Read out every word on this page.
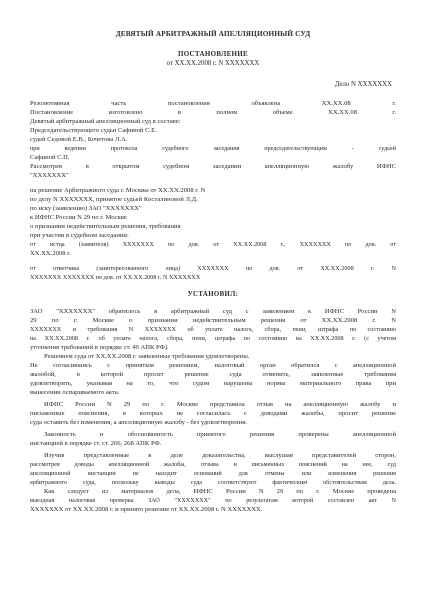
ДЕВЯТЫЙ АРБИТРАЖНЫЙ АПЕЛЛЯЦИОННЫЙ СУД
ПОСТАНОВЛЕНИЕ
от ХХ.ХХ.2008 г. N ХХХХХХХ
Дело N ХХХХХХХ
Резолютивная часть постановления объявлена ХХ.ХХ.08 г.
Постановление изготовлено в полном объеме ХХ.ХХ.08 г.
Девятый арбитражный апелляционный суд в составе:
Председательствующего судьи Сафиной С.Е.
судей Седовой Е.В., Кочетова Л.А.
при ведении протокола судебного заседания председательствующим - судьей
Сафиной С.П.
Рассмотрев в открытом судебном заседании апелляционную жалобу ИФНС
"ХХХХХХХ"
на решение Арбитражного суда г. Москвы от ХХ.ХХ.2008 г. N
по делу N ХХХХХХХ, принятое судьей Косталиновой Л.Д.
по иску (заявлению) ЗАО "ХХХХХХХ"
к ИФНС России N 29 по г. Москве
о признании недействительным решения, требования
при участии в судебном заседании:
от истца (заявителя) ХХХХХХХ по дов. от ХХ.ХХ.2008 г., ХХХХХХХ по дов. от
ХХ.ХХ.2008 г.
от ответчика (заинтересованного лица) ХХХХХХХ по дов. от ХХ.ХХ.2008 г. N
ХХХХХХХ ХХХХХХХ по дов. от ХХ.ХХ.2008 г. N ХХХХХХХ
УСТАНОВИЛ:
ЗАО "ХХХХХХХ" обратилось в арбитражный суд с заявлением к ИФНС России N
29 по г. Москве о признании недействительным решения от ХХ.ХХ.2008 г. N
ХХХХХХХ и требования N ХХХХХХХ об уплате налога, сбора, пени, штрафа по состоянию
на ХХ.ХХ.2008 г. об уплате налога, сбора, пени, штрафа по состоянию на ХХ.ХХ.2008 г. (с учетом
уточнения требований в порядке ст. 49 АПК РФ).
Решением суда от ХХ.ХХ.2008 г. заявленные требования удовлетворены.
Не согласившись с принятым решением, налоговый орган обратился с апелляционной
жалобой, в которой просит решение суда отменить, заявленные требования
удовлетворить, указывая на то, что судом нарушены нормы материального права при
вынесении оспариваемого акта.
ИФНС России N 29 по г. Москве представила отзыв на апелляционную жалобу и
письменные пояснения, в которых не согласилась с доводами жалобы, просит решение
суда оставить без изменения, а апелляционную жалобу - без удовлетворения.
Законность и обоснованность принятого решения проверены апелляционной
инстанцией в порядке ст. ст. 266, 268 АПК РФ.
Изучив представленные в деле доказательства, выслушав представителей сторон,
рассмотрев доводы апелляционной жалобы, отзыва и письменных пояснений на нее, суд
апелляционной инстанции не находит оснований для отмены или изменения решения
арбитражного суда, поскольку выводы суда соответствуют фактическим обстоятельствам дела.
Как следует из материалов дела, ИФНС России N 29 по г. Москве проведена
выездная налоговая проверка ЗАО "ХХХХХХХ" по результатам которой составлен акт N
ХХХХХХХ от ХХ.ХХ.2008 г. и принято решение от ХХ.ХХ.2008 г. N ХХХХХХХ.
